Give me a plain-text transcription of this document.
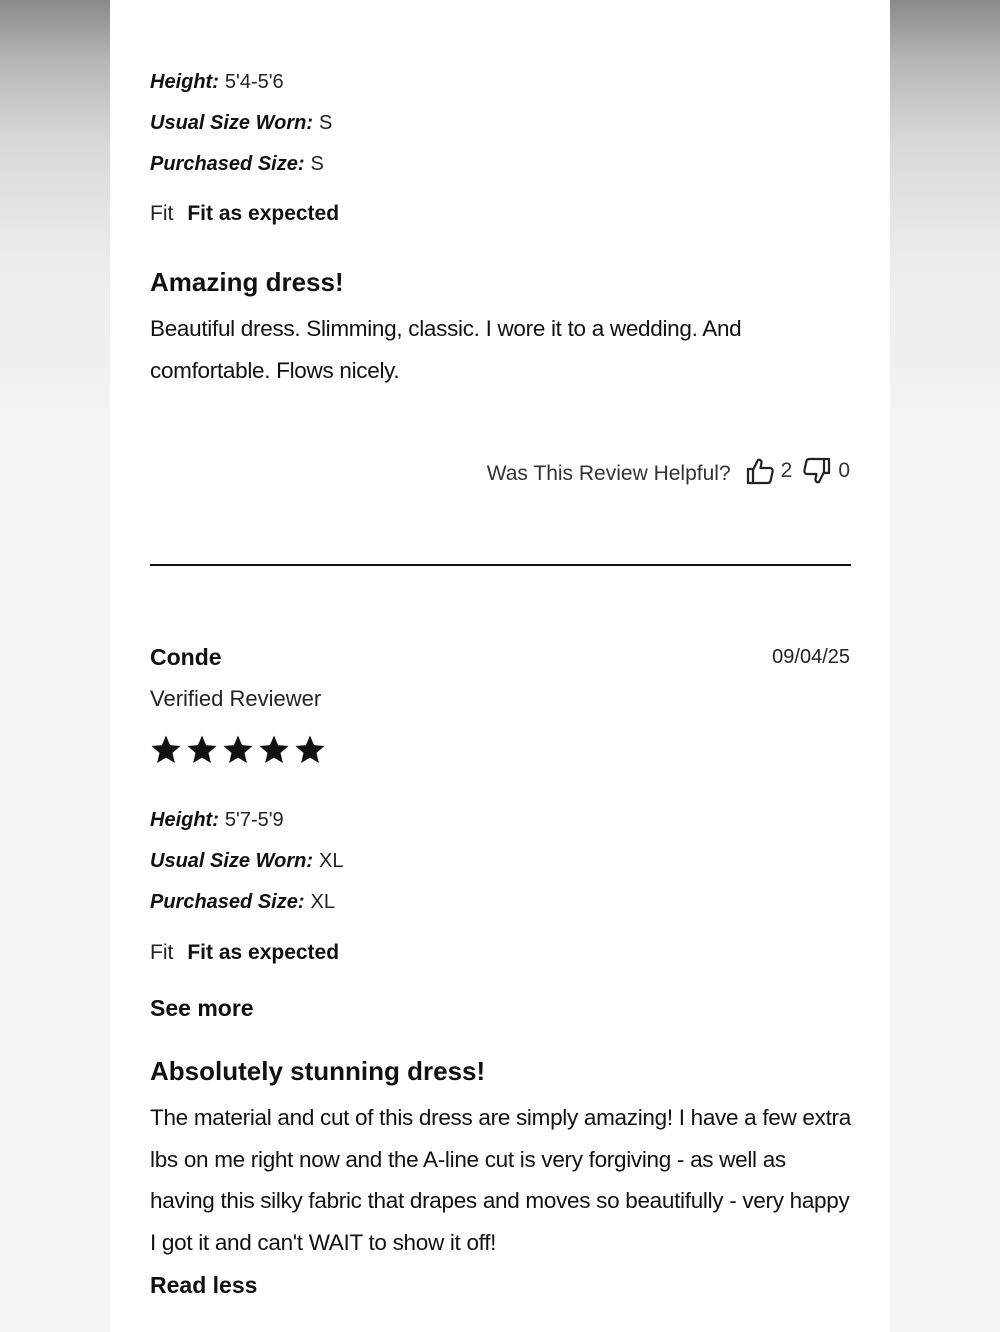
Height: 5'4-5'6
Usual Size Worn: S
Purchased Size: S
Fit Fit as expected
Amazing dress!
Beautiful dress. Slimming, classic. I wore it to a wedding. And comfortable. Flows nicely.
Was This Review Helpful? 2 0
Conde	09/04/25
Verified Reviewer
Height: 5'7-5'9
Usual Size Worn: XL
Purchased Size: XL
Fit Fit as expected
See more
Absolutely stunning dress!
The material and cut of this dress are simply amazing! I have a few extra lbs on me right now and the A-line cut is very forgiving - as well as having this silky fabric that drapes and moves so beautifully - very happy I got it and can't WAIT to show it off!
Read less
